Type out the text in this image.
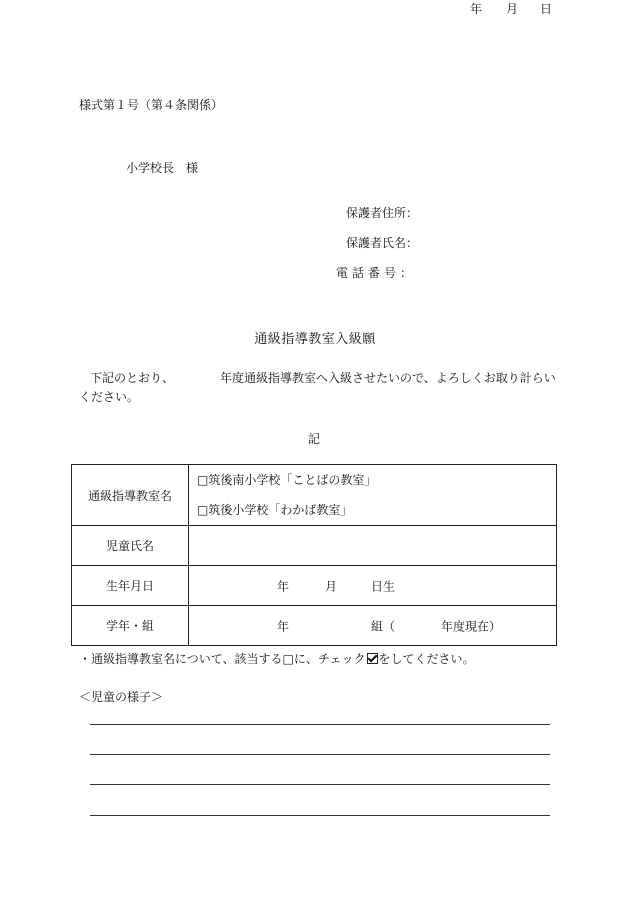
様式第１号（第４条関係）
年 月 日
小学校長　様
保護者住所：
保護者氏名：
電話番号：
通級指導教室入級願
下記のとおり、	年度通級指導教室へ入級させたいので、よろしくお取り計らい
ください。
記
通級指導教室名	□筑後南小学校「ことばの教室」
□筑後小学校「わかば教室」

児童氏名	
生年月日	年 月 日生

学年・組	年 組（ 年度現在）
・通級指導教室名について、該当する□に、チェック をしてください。
＜児童の様子＞
